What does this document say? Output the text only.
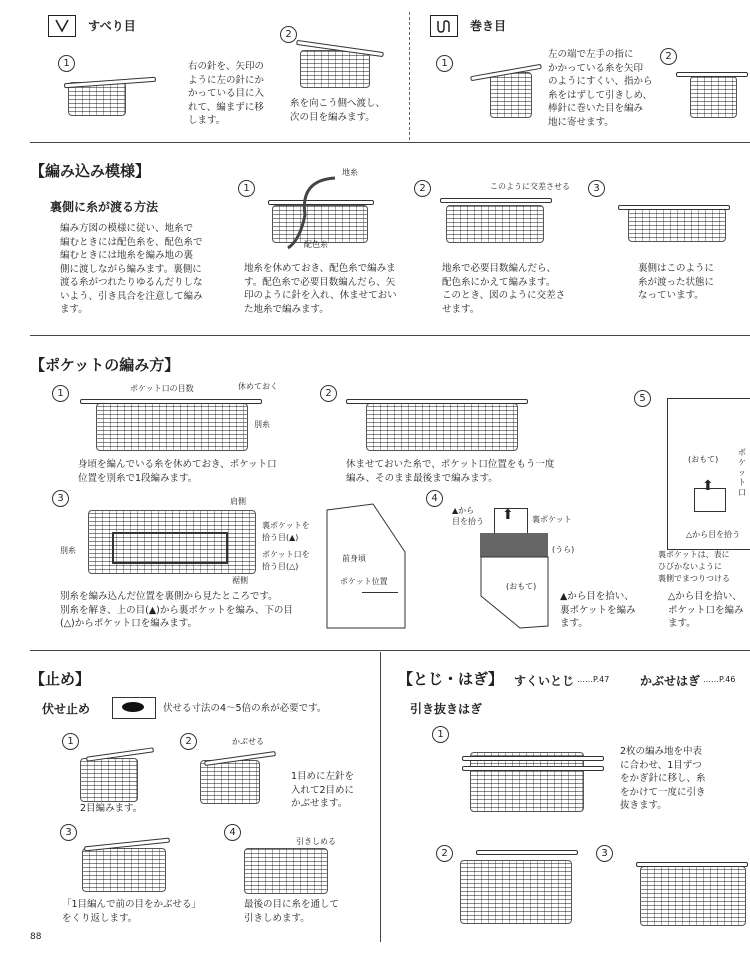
すべり目
1	右の針を、矢印の
ように左の針にか
かっている目に入
れて、編まずに移
します。
2
糸を向こう側へ渡し、
次の目を編みます。
巻き目
1
左の端で左手の指に
かかっている糸を矢印
のようにすくい、指から
糸をはずして引きしめ、
棒針に巻いた目を編み
地に寄せます。
2
【編み込み模様】
裏側に糸が渡る方法
編み方図の模様に従い、地糸で
編むときには配色糸を、配色糸で
編むときには地糸を編み地の裏
側に渡しながら編みます。裏側に
渡る糸がつれたりゆるんだりしな
いよう、引き具合を注意して編み
ます。
1
地糸
配色糸
地糸を休めておき、配色糸で編みま
す。配色糸で必要目数編んだら、矢
印のように針を入れ、休ませておい
た地糸で編みます。
2	このように交差させる
地糸で必要目数編んだら、
配色糸にかえて編みます。
このとき、図のように交差さ
せます。
3
裏側はこのように
糸が渡った状態に
なっています。
【ポケットの編み方】
1	ポケット口の目数	休めておく
別糸
身頃を編んでいる糸を休めておき、ポケット口
位置を別糸で1段編みます。
2
休ませておいた糸で、ポケット口位置をもう一度
編み、そのまま最後まで編みます。
5
(おもて)
⬆
ポケット口
△から目を拾う
裏ポケットは、表に
ひびかないように
裏側でまつりつける
△から目を拾い、
ポケット口を編み
ます。
3	肩側
別糸
裏ポケットを
拾う目(▲)
ポケット口を
拾う目(△)
裾側
別糸を編み込んだ位置を裏側から見たところです。
別糸を解き、上の目(▲)から裏ポケットを編み、下の目
(△)からポケット口を編みます。
前身頃
ポケット位置
4
▲から
目を拾う ⬆ 裏ポケット
(うら)
(おもて)
▲から目を拾い、
裏ポケットを編み
ます。
【止め】
伏せ止め	伏せる寸法の4～5倍の糸が必要です。
1
2目編みます。
2	かぶせる
1目めに左針を
入れて2目めに
かぶせます。
3
「1目編んで前の目をかぶせる」
をくり返します。
4
引きしめる
最後の目に糸を通して
引きしめます。
【とじ・はぎ】 すくいとじ ……P.47	かぶせはぎ ……P.46
引き抜きはぎ
1
2枚の編み地を中表
に合わせ、1目ずつ
をかぎ針に移し、糸
をかけて一度に引き
抜きます。
2	3
88
